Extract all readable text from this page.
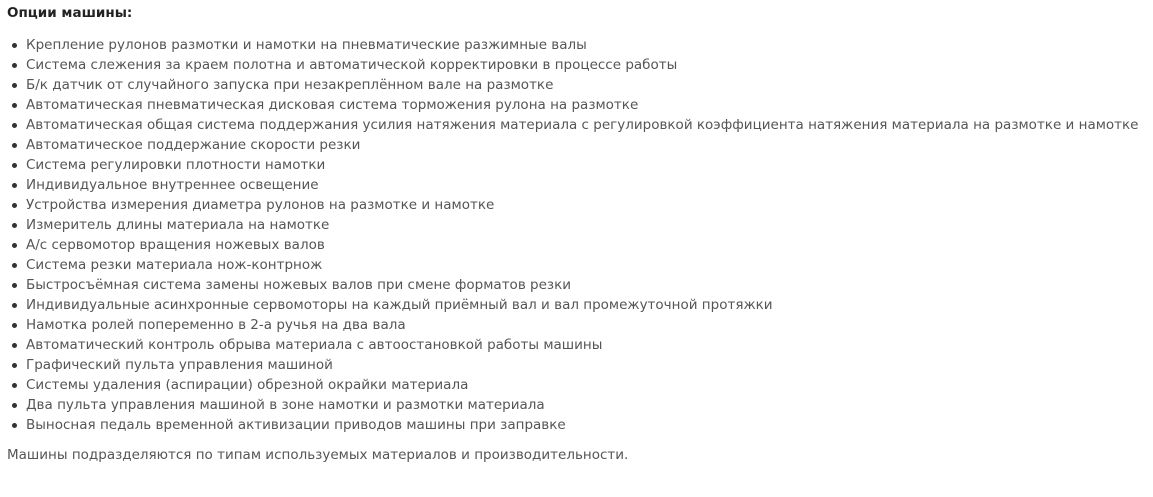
Опции машины:
Крепление рулонов размотки и намотки на пневматические разжимные валы
Система слежения за краем полотна и автоматической корректировки в процессе работы
Б/к датчик от случайного запуска при незакреплённом вале на размотке
Автоматическая пневматическая дисковая система торможения рулона на размотке
Автоматическая общая система поддержания усилия натяжения материала с регулировкой коэффициента натяжения материала на размотке и намотке
Автоматическое поддержание скорости резки
Система регулировки плотности намотки
Индивидуальное внутреннее освещение
Устройства измерения диаметра рулонов на размотке и намотке
Измеритель длины материала на намотке
А/с сервомотор вращения ножевых валов
Система резки материала нож-контрнож
Быстросъёмная система замены ножевых валов при смене форматов резки
Индивидуальные асинхронные сервомоторы на каждый приёмный вал и вал промежуточной протяжки
Намотка ролей попеременно в 2-а ручья на два вала
Автоматический контроль обрыва материала с автоостановкой работы машины
Графический пульта управления машиной
Системы удаления (аспирации) обрезной окрайки материала
Два пульта управления машиной в зоне намотки и размотки материала
Выносная педаль временной активизации приводов машины при заправке

Машины подразделяются по типам используемых материалов и производительности.
